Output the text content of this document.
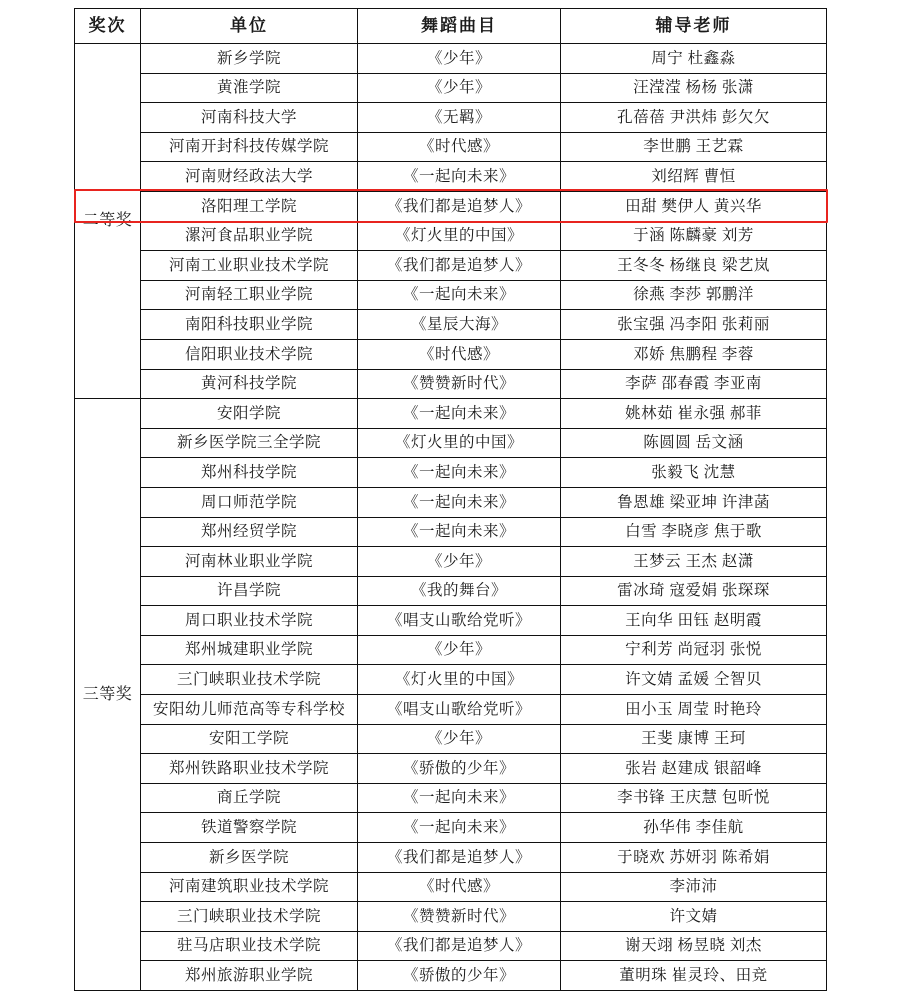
奖次	单位	舞蹈曲目	辅导老师
二等奖	新乡学院	《少年》	周宁 杜鑫淼
	黄淮学院	《少年》	汪滢滢 杨杨 张潇
	河南科技大学	《无羁》	孔蓓蓓 尹洪炜 彭欠欠
	河南开封科技传媒学院	《时代感》	李世鹏 王艺霖
	河南财经政法大学	《一起向未来》	刘绍辉 曹恒
	洛阳理工学院	《我们都是追梦人》	田甜 樊伊人 黄兴华
	漯河食品职业学院	《灯火里的中国》	于涵 陈麟豪 刘芳
	河南工业职业技术学院	《我们都是追梦人》	王冬冬 杨继良 梁艺岚
	河南轻工职业学院	《一起向未来》	徐燕 李莎 郭鹏洋
	南阳科技职业学院	《星辰大海》	张宝强 冯李阳 张莉丽
	信阳职业技术学院	《时代感》	邓娇 焦鹏程 李蓉
	黄河科技学院	《赞赞新时代》	李萨 邵春霞 李亚南
三等奖	安阳学院	《一起向未来》	姚林茹 崔永强 郝菲
	新乡医学院三全学院	《灯火里的中国》	陈圆圆 岳文涵
	郑州科技学院	《一起向未来》	张毅飞 沈慧
	周口师范学院	《一起向未来》	鲁恩雄 梁亚坤 许津菡
	郑州经贸学院	《一起向未来》	白雪 李晓彦 焦于歌
	河南林业职业学院	《少年》	王梦云 王杰 赵潇
	许昌学院	《我的舞台》	雷冰琦 寇爱娟 张琛琛
	周口职业技术学院	《唱支山歌给党听》	王向华 田钰 赵明霞
	郑州城建职业学院	《少年》	宁利芳 尚冠羽 张悦
	三门峡职业技术学院	《灯火里的中国》	许文婧 孟媛 仝智贝
	安阳幼儿师范高等专科学校	《唱支山歌给党听》	田小玉 周莹 时艳玲
	安阳工学院	《少年》	王斐 康博 王珂
	郑州铁路职业技术学院	《骄傲的少年》	张岩 赵建成 银韶峰
	商丘学院	《一起向未来》	李书锋 王庆慧 包昕悦
	铁道警察学院	《一起向未来》	孙华伟 李佳航
	新乡医学院	《我们都是追梦人》	于晓欢 苏妍羽 陈希娟
	河南建筑职业技术学院	《时代感》	李沛沛
	三门峡职业技术学院	《赞赞新时代》	许文婧
	驻马店职业技术学院	《我们都是追梦人》	谢天翊 杨昱晓 刘杰
	郑州旅游职业学院	《骄傲的少年》	董明珠 崔灵玲、田竞
